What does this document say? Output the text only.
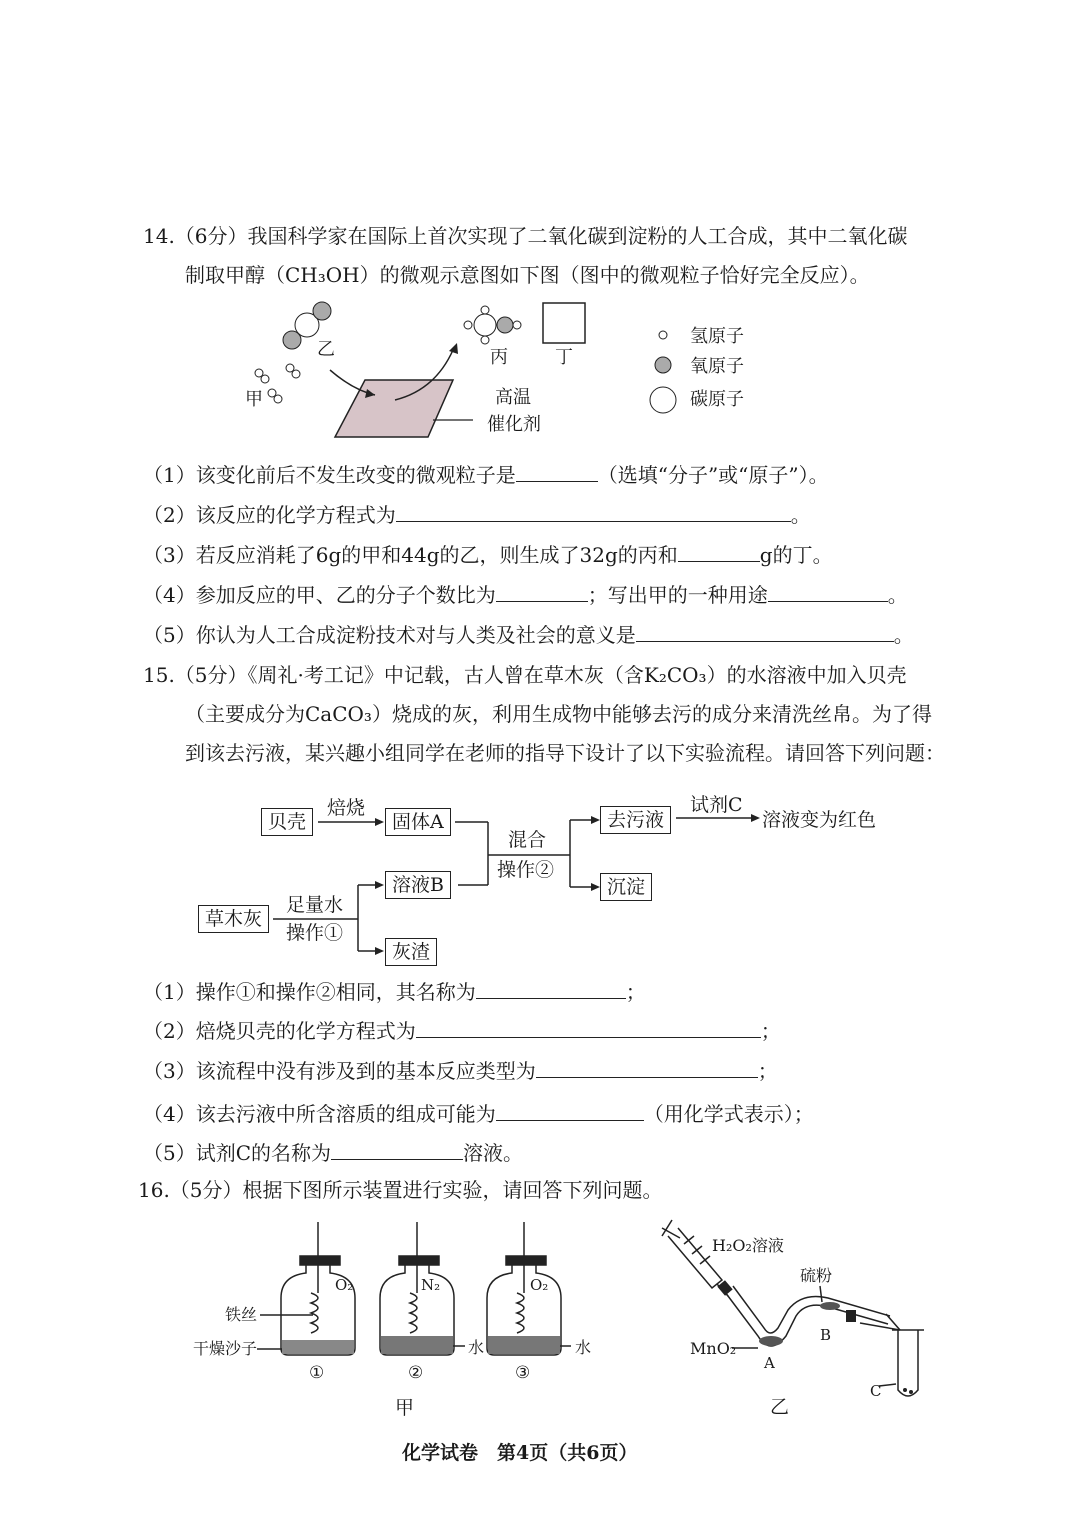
14.（6分）我国科学家在国际上首次实现了二氧化碳到淀粉的人工合成，其中二氧化碳
制取甲醇（CH₃OH）的微观示意图如下图（图中的微观粒子恰好完全反应）。
乙
甲	高温
催化剂
丙	丁
氢原子
氧原子
碳原子
（1）该变化前后不发生改变的微观粒子是	（选填“分子”或“原子”）。
（2）该反应的化学方程式为	。
（3）若反应消耗了6g的甲和44g的乙，则生成了32g的丙和	g的丁。
（4）参加反应的甲、乙的分子个数比为	；写出甲的一种用途	。
（5）你认为人工合成淀粉技术对与人类及社会的意义是	。
15.（5分）《周礼·考工记》中记载，古人曾在草木灰（含K₂CO₃）的水溶液中加入贝壳
（主要成分为CaCO₃）烧成的灰，利用生成物中能够去污的成分来清洗丝帛。为了得
到该去污液，某兴趣小组同学在老师的指导下设计了以下实验流程。请回答下列问题：
贝壳
焙烧
固体A
混合
操作②
去污液
试剂C
溶液变为红色
沉淀
溶液B
草木灰
足量水
操作①
灰渣
（1）操作①和操作②相同，其名称为	；
（2）焙烧贝壳的化学方程式为	；
（3）该流程中没有涉及到的基本反应类型为	；
（4）该去污液中所含溶质的组成可能为	（用化学式表示）；
（5）试剂C的名称为	溶液。
16.（5分）根据下图所示装置进行实验，请回答下列问题。
O₂	N₂	O₂
铁丝
干燥沙子	水	水
①	②	③
甲
H₂O₂溶液
硫粉
MnO₂
A
B
C
乙
化学试卷　第4页（共6页）
